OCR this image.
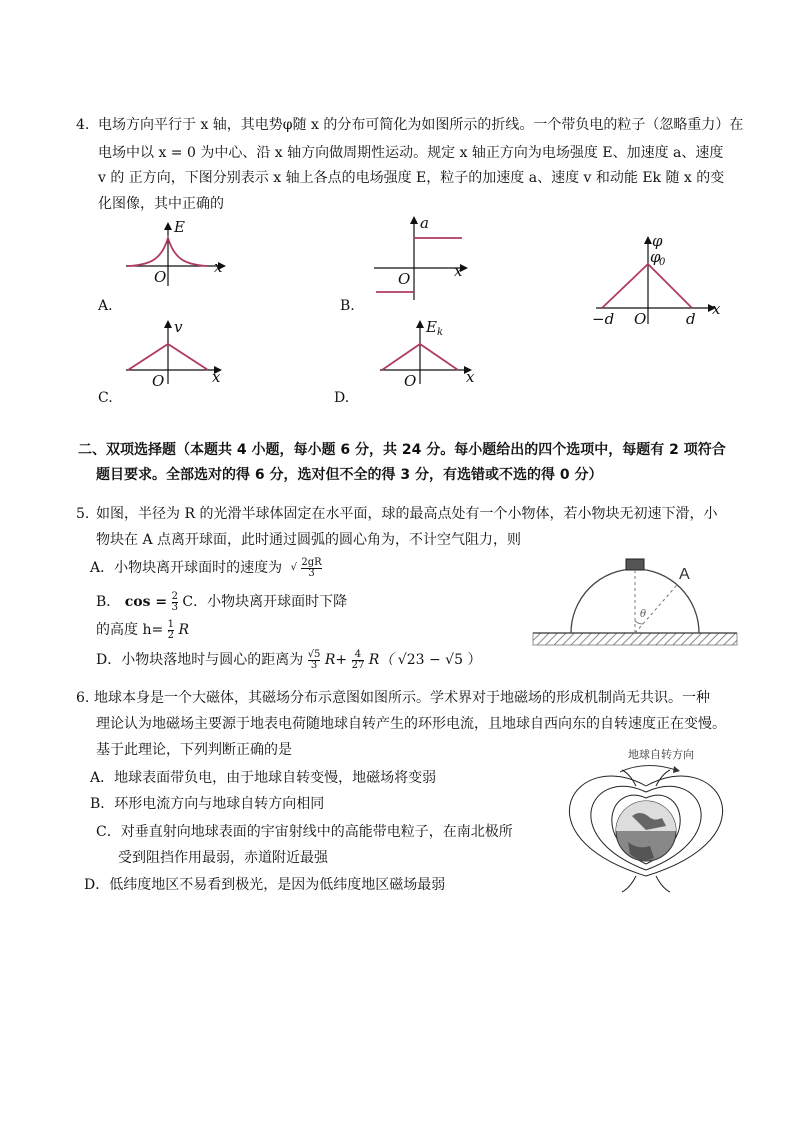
4. 电场方向平行于 x 轴，其电势φ随 x 的分布可简化为如图所示的折线。一个带负电的粒子（忽略重力）在
电场中以 x = 0 为中心、沿 x 轴方向做周期性运动。规定 x 轴正方向为电场强度 E、加速度 a、速度
v 的 正方向，下图分别表示 x 轴上各点的电场强度 E，粒子的加速度 a、速度 v 和动能 Ek 随 x 的变
化图像，其中正确的
E
O
x
A.
a
O	x
B.
φ
φ
0
−d O	d
x
v
O	x
C.
E k
O	x
D.
二、双项选择题（本题共 4 小题，每小题 6 分，共 24 分。每小题给出的四个选项中，每题有 2 项符合
题目要求。全部选对的得 6 分，选对但不全的得 3 分，有选错或不选的得 0 分）
5. 如图，半径为 R 的光滑半球体固定在水平面，球的最高点处有一个小物体，若小物块无初速下滑，小
物块在 A 点离开球面，此时通过圆弧的圆心角为，不计空气阻力，则
A．小物块离开球面时的速度为 √
$\frac{2gR}{3}$
B． $\cos = \frac{2}{3}$ C．小物块离开球面时下降
的高度 $h= \frac{1}{2}$ R
D．小物块落地时与圆心的距离为 $\frac{√5}{3} R+ \frac{4}{27} R$（ √23 − √5 ）
θ
A
6. 地球本身是一个大磁体，其磁场分布示意图如图所示。学术界对于地磁场的形成机制尚无共识。一种
理论认为地磁场主要源于地表电荷随地球自转产生的环形电流，且地球自西向东的自转速度正在变慢。
基于此理论，下列判断正确的是
A．地球表面带负电，由于地球自转变慢，地磁场将变弱
B．环形电流方向与地球自转方向相同
C．对垂直射向地球表面的宇宙射线中的高能带电粒子，在南北极所
受到阻挡作用最弱，赤道附近最强
D．低纬度地区不易看到极光，是因为低纬度地区磁场最弱
地球自转方向
